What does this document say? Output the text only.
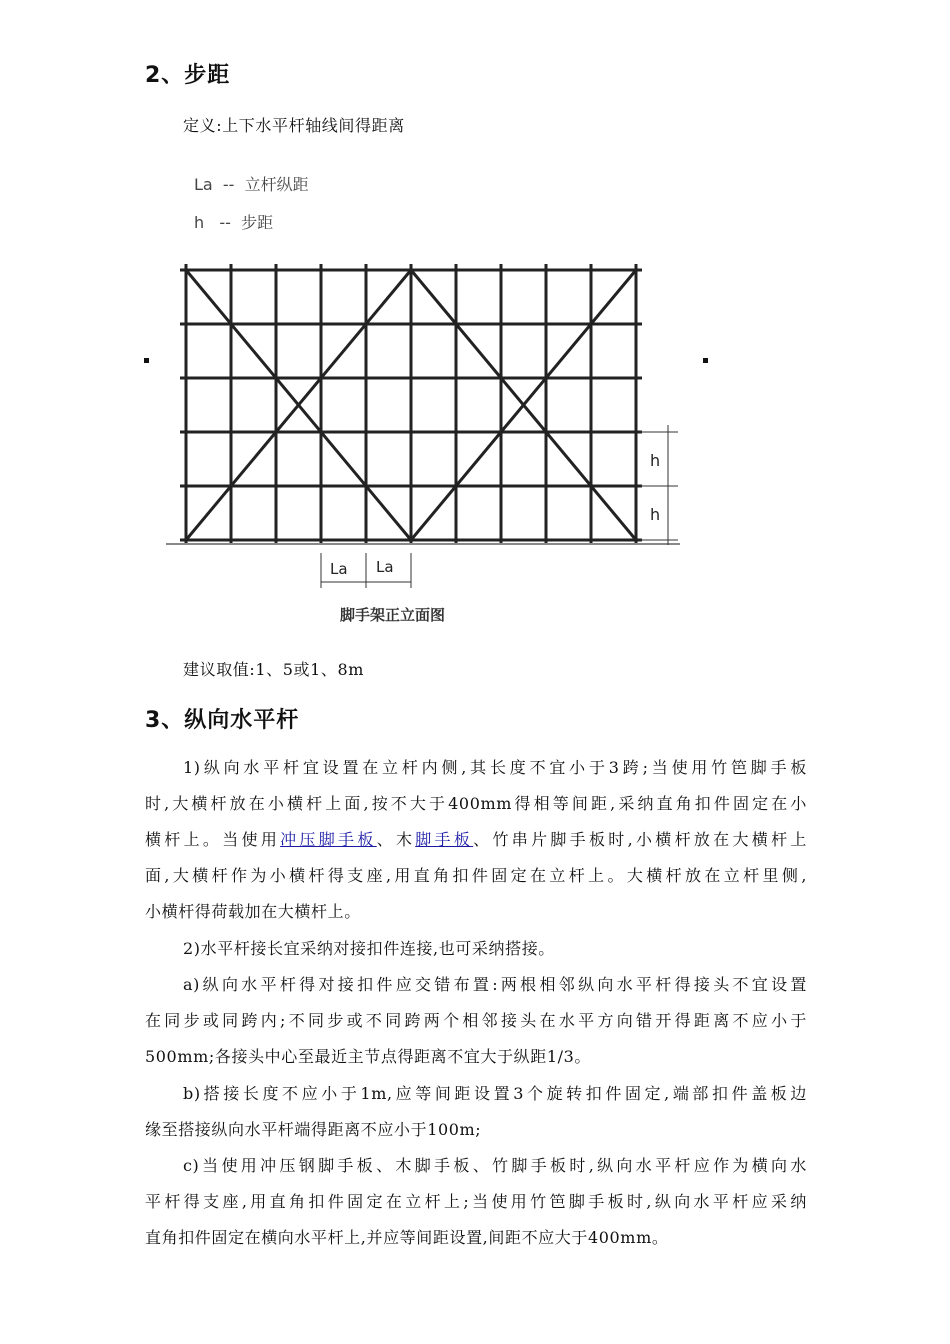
2、步距
定义:上下水平杆轴线间得距离
La  --  立杆纵距
h   --  步距
h
h
La La
脚手架正立面图
建议取值:1、5或1、8m
3、纵向水平杆
1)纵向水平杆宜设置在立杆内侧,其长度不宜小于3跨;当使用竹笆脚手板
时,大横杆放在小横杆上面,按不大于400mm得相等间距,采纳直角扣件固定在小
横杆上。当使用冲压脚手板、木脚手板、竹串片脚手板时,小横杆放在大横杆上
面,大横杆作为小横杆得支座,用直角扣件固定在立杆上。大横杆放在立杆里侧,
小横杆得荷载加在大横杆上。
2)水平杆接长宜采纳对接扣件连接,也可采纳搭接。
a)纵向水平杆得对接扣件应交错布置:两根相邻纵向水平杆得接头不宜设置
在同步或同跨内;不同步或不同跨两个相邻接头在水平方向错开得距离不应小于
500mm;各接头中心至最近主节点得距离不宜大于纵距1/3。
b)搭接长度不应小于1m,应等间距设置3个旋转扣件固定,端部扣件盖板边
缘至搭接纵向水平杆端得距离不应小于100m;
c)当使用冲压钢脚手板、木脚手板、竹脚手板时,纵向水平杆应作为横向水
平杆得支座,用直角扣件固定在立杆上;当使用竹笆脚手板时,纵向水平杆应采纳
直角扣件固定在横向水平杆上,并应等间距设置,间距不应大于400mm。
